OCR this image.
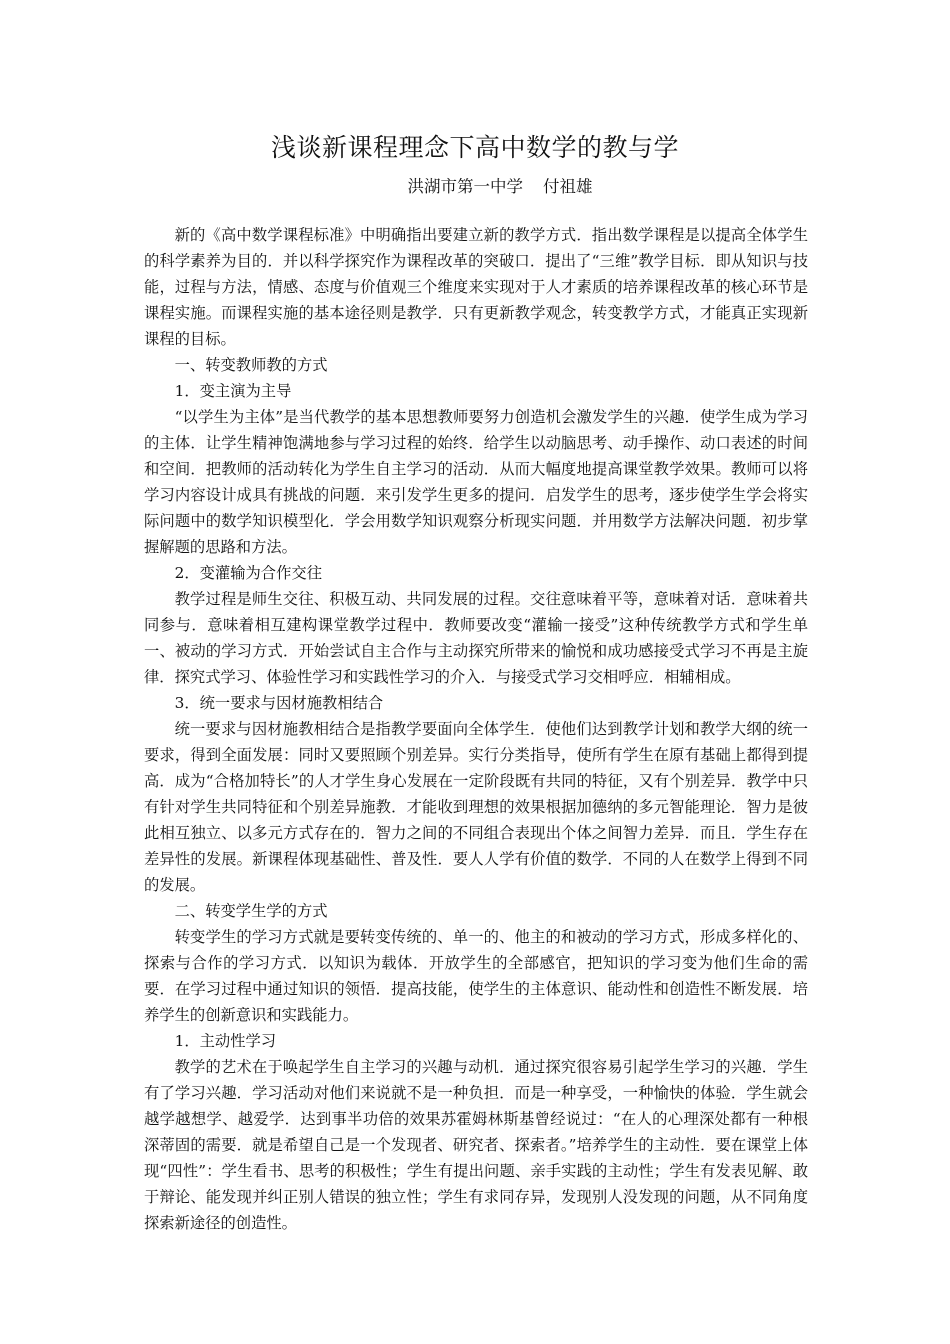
浅谈新课程理念下高中数学的教与学
洪湖市第一中学 付祖雄

新的《高中数学课程标准》中明确指出要建立新的教学方式．指出数学课程是以提高全体学生的科学素养为目的．并以科学探究作为课程改革的突破口．提出了“三维”教学目标．即从知识与技能，过程与方法，情感、态度与价值观三个维度来实现对于人才素质的培养课程改革的核心环节是课程实施。而课程实施的基本途径则是教学．只有更新教学观念，转变教学方式，才能真正实现新课程的目标。

一、转变教师教的方式

1．变主演为主导

“以学生为主体”是当代教学的基本思想教师要努力创造机会激发学生的兴趣．使学生成为学习的主体．让学生精神饱满地参与学习过程的始终．给学生以动脑思考、动手操作、动口表述的时间和空间．把教师的活动转化为学生自主学习的活动．从而大幅度地提高课堂教学效果。教师可以将学习内容设计成具有挑战的问题．来引发学生更多的提问．启发学生的思考，逐步使学生学会将实际问题中的数学知识模型化．学会用数学知识观察分析现实问题．并用数学方法解决问题．初步掌握解题的思路和方法。

2．变灌输为合作交往

教学过程是师生交往、积极互动、共同发展的过程。交往意味着平等，意味着对话．意味着共同参与．意味着相互建构课堂教学过程中．教师要改变“灌输一接受”这种传统教学方式和学生单一、被动的学习方式．开始尝试自主合作与主动探究所带来的愉悦和成功感接受式学习不再是主旋律．探究式学习、体验性学习和实践性学习的介入．与接受式学习交相呼应．相辅相成。

3．统一要求与因材施教相结合

统一要求与因材施教相结合是指教学要面向全体学生．使他们达到教学计划和教学大纲的统一要求，得到全面发展：同时又要照顾个别差异。实行分类指导，使所有学生在原有基础上都得到提高．成为“合格加特长”的人才学生身心发展在一定阶段既有共同的特征，又有个别差异．教学中只有针对学生共同特征和个别差异施教．才能收到理想的效果根据加德纳的多元智能理论．智力是彼此相互独立、以多元方式存在的．智力之间的不同组合表现出个体之间智力差异．而且．学生存在差异性的发展。新课程体现基础性、普及性．要人人学有价值的数学．不同的人在数学上得到不同的发展。

二、转变学生学的方式

转变学生的学习方式就是要转变传统的、单一的、他主的和被动的学习方式，形成多样化的、探索与合作的学习方式．以知识为载体．开放学生的全部感官，把知识的学习变为他们生命的需要．在学习过程中通过知识的领悟．提高技能，使学生的主体意识、能动性和创造性不断发展．培养学生的创新意识和实践能力。

1．主动性学习

教学的艺术在于唤起学生自主学习的兴趣与动机．通过探究很容易引起学生学习的兴趣．学生有了学习兴趣．学习活动对他们来说就不是一种负担．而是一种享受，一种愉快的体验．学生就会越学越想学、越爱学．达到事半功倍的效果苏霍姆林斯基曾经说过：“在人的心理深处都有一种根深蒂固的需要．就是希望自己是一个发现者、研究者、探索者。”培养学生的主动性．要在课堂上体现“四性”：学生看书、思考的积极性；学生有提出问题、亲手实践的主动性；学生有发表见解、敢于辩论、能发现并纠正别人错误的独立性；学生有求同存异，发现别人没发现的问题，从不同角度探索新途径的创造性。
